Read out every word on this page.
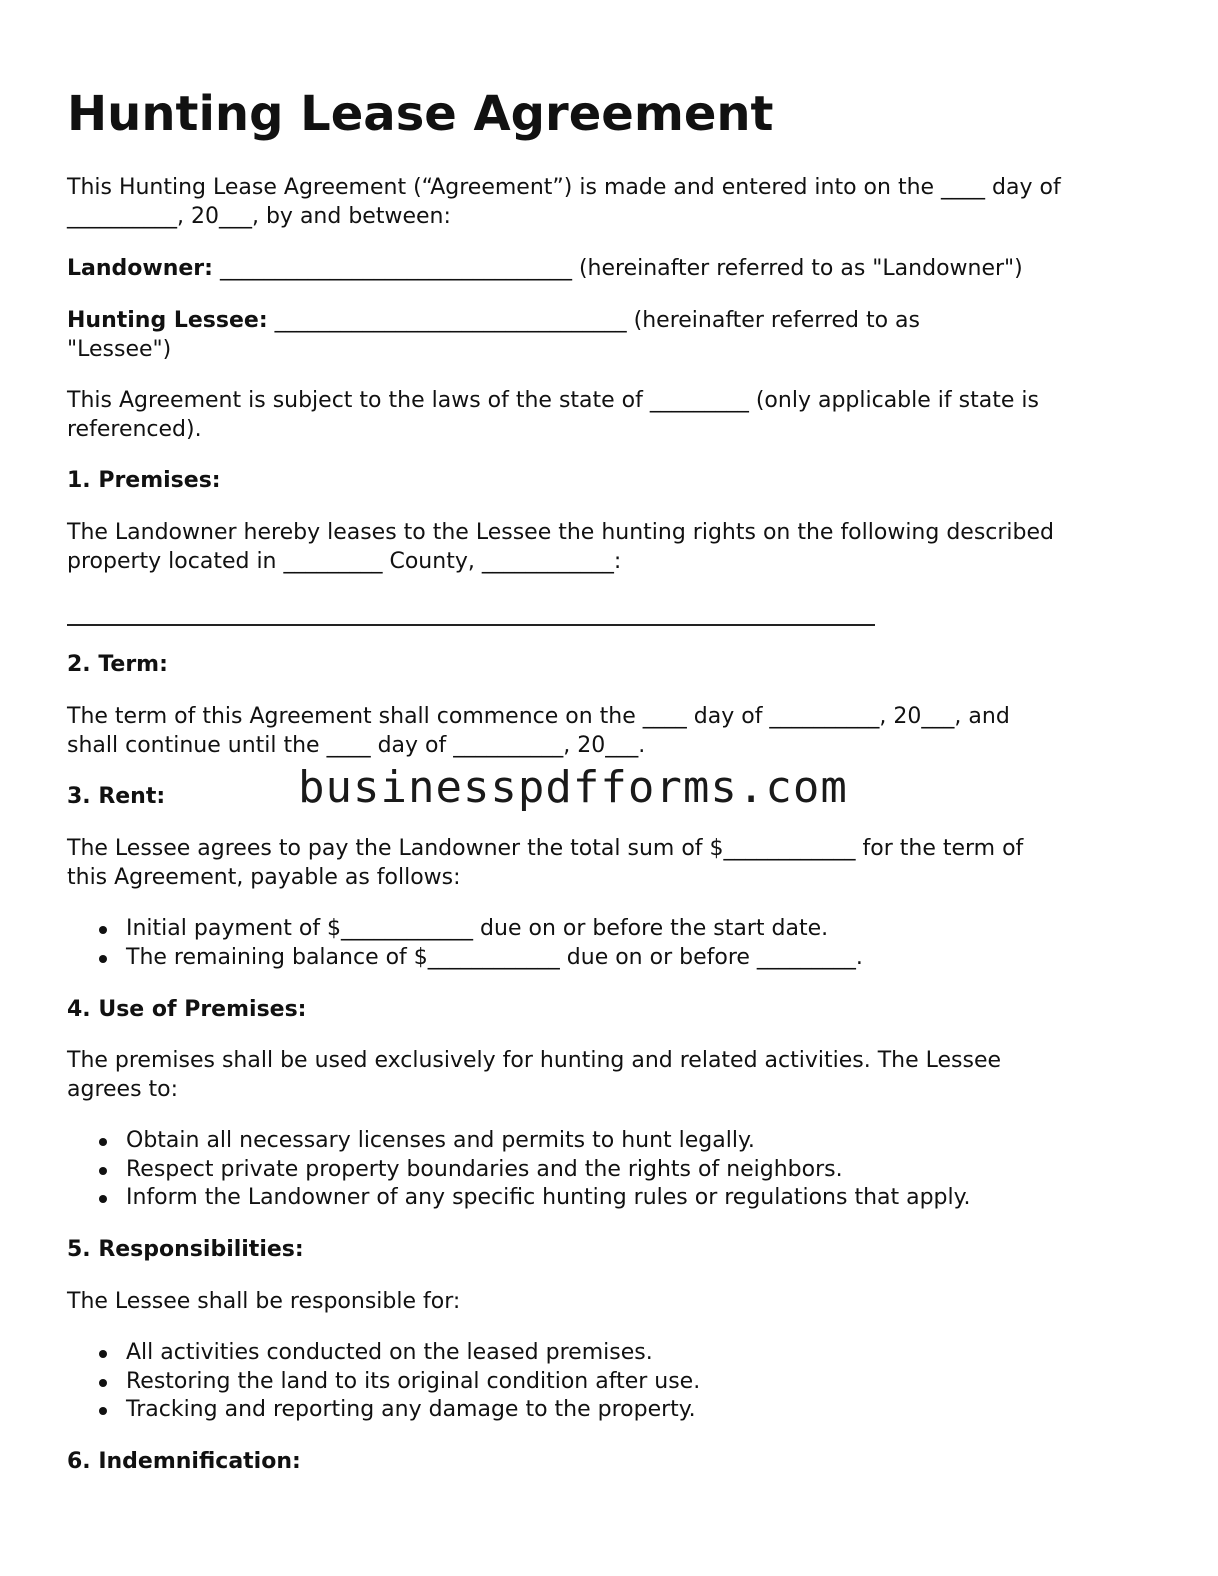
Hunting Lease Agreement
This Hunting Lease Agreement (“Agreement”) is made and entered into on the ____ day of
__________, 20___, by and between:
Landowner: ________________________________ (hereinafter referred to as "Landowner")
Hunting Lessee: ________________________________ (hereinafter referred to as
"Lessee")
This Agreement is subject to the laws of the state of _________ (only applicable if state is
referenced).
1. Premises:
The Landowner hereby leases to the Lessee the hunting rights on the following described
property located in _________ County, ____________:
2. Term:
The term of this Agreement shall commence on the ____ day of __________, 20___, and
shall continue until the ____ day of __________, 20___.
3. Rent:
The Lessee agrees to pay the Landowner the total sum of $____________ for the term of
this Agreement, payable as follows:
Initial payment of $____________ due on or before the start date.
The remaining balance of $____________ due on or before _________.
4. Use of Premises:
The premises shall be used exclusively for hunting and related activities. The Lessee
agrees to:
Obtain all necessary licenses and permits to hunt legally.
Respect private property boundaries and the rights of neighbors.
Inform the Landowner of any specific hunting rules or regulations that apply.
5. Responsibilities:
The Lessee shall be responsible for:
All activities conducted on the leased premises.
Restoring the land to its original condition after use.
Tracking and reporting any damage to the property.
6. Indemnification:
businesspdfforms.com
